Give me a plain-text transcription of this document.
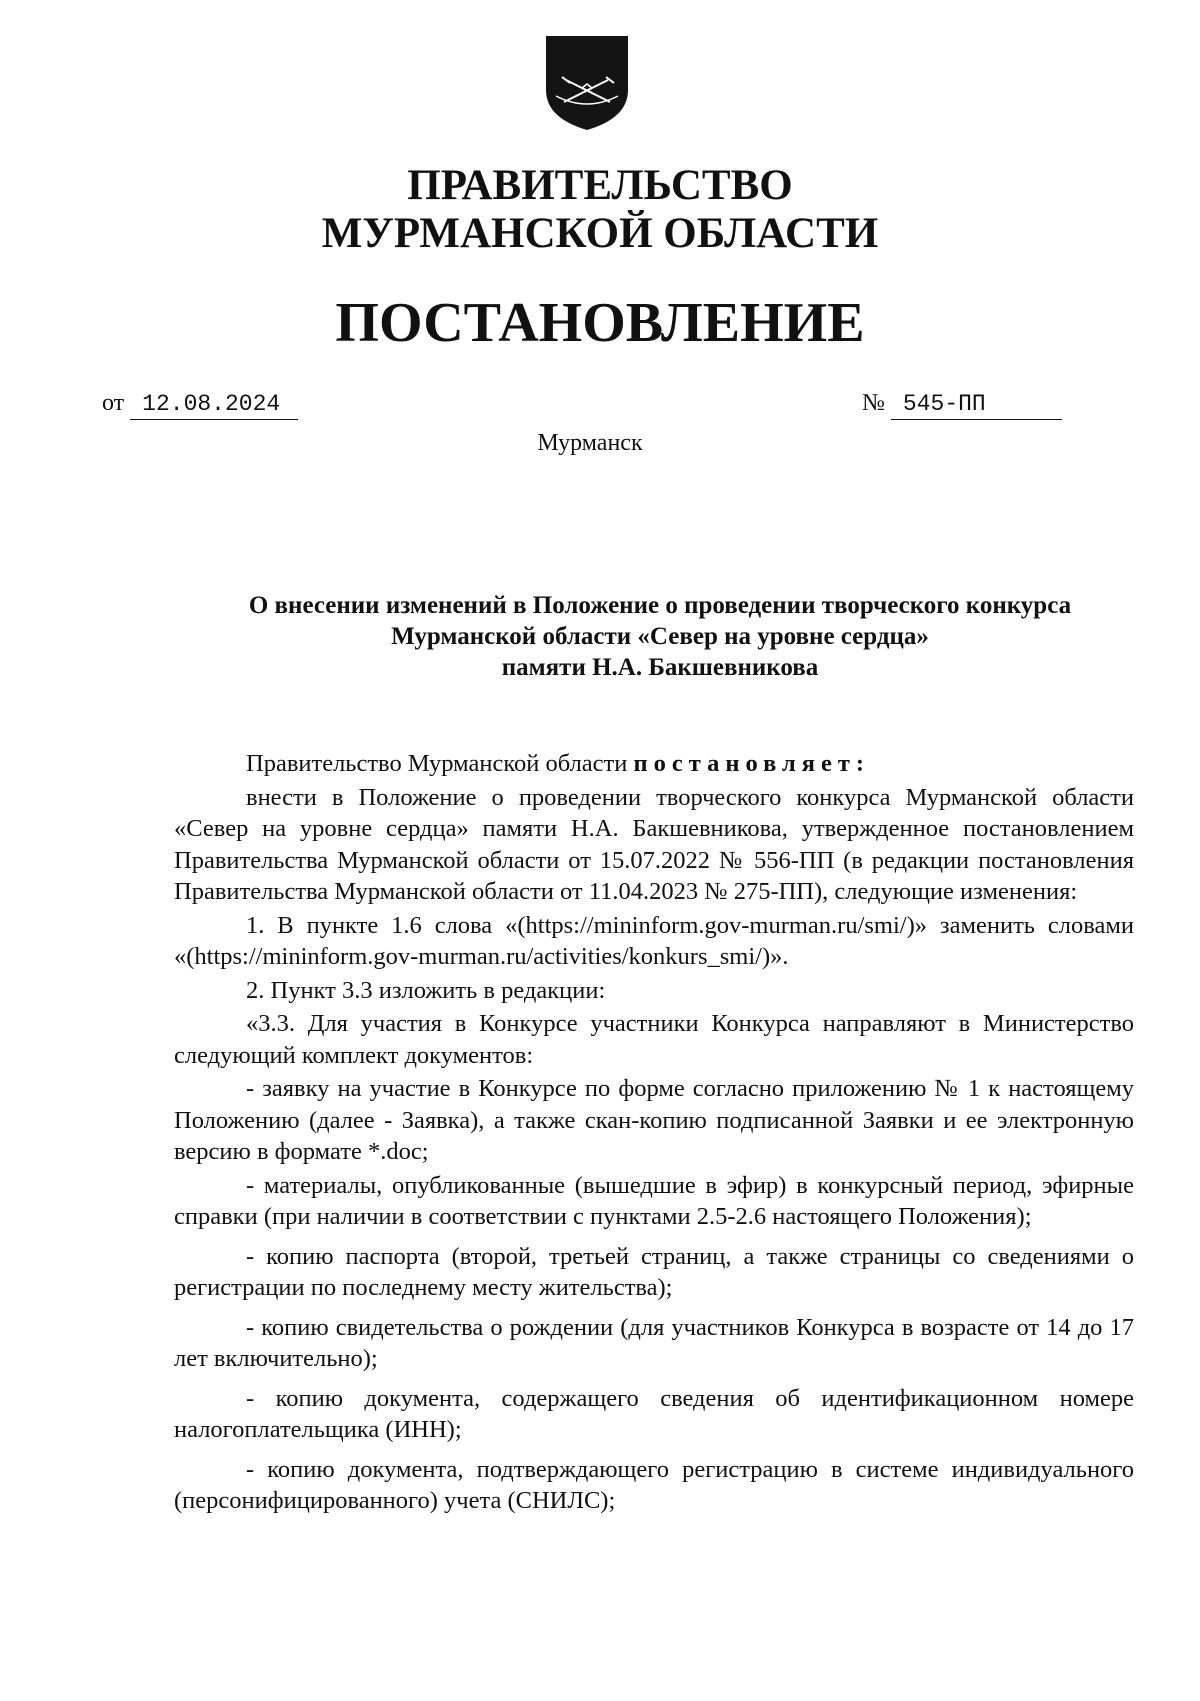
ПРАВИТЕЛЬСТВО
МУРМАНСКОЙ ОБЛАСТИ
ПОСТАНОВЛЕНИЕ
от 12.08.2024	№ 545-ПП
Мурманск
О внесении изменений в Положение о проведении творческого конкурса
Мурманской области «Север на уровне сердца»
памяти Н.А. Бакшевникова

Правительство Мурманской области постановляет:

внести в Положение о проведении творческого конкурса Мурманской области «Север на уровне сердца» памяти Н.А. Бакшевникова, утвержденное постановлением Правительства Мурманской области от 15.07.2022 № 556-ПП (в редакции постановления Правительства Мурманской области от 11.04.2023 № 275-ПП), следующие изменения:

1. В пункте 1.6 слова «(https://mininform.gov-murman.ru/smi/)» заменить словами «(https://mininform.gov-murman.ru/activities/konkurs_smi/)».

2. Пункт 3.3 изложить в редакции:

«3.3. Для участия в Конкурсе участники Конкурса направляют в Министерство следующий комплект документов:

- заявку на участие в Конкурсе по форме согласно приложению № 1 к настоящему Положению (далее - Заявка), а также скан-копию подписанной Заявки и ее электронную версию в формате *.doc;

- материалы, опубликованные (вышедшие в эфир) в конкурсный период, эфирные справки (при наличии в соответствии с пунктами 2.5-2.6 настоящего Положения);

- копию паспорта (второй, третьей страниц, а также страницы со сведениями о регистрации по последнему месту жительства);

- копию свидетельства о рождении (для участников Конкурса в возрасте от 14 до 17 лет включительно);

- копию документа, содержащего сведения об идентификационном номере налогоплательщика (ИНН);

- копию документа, подтверждающего регистрацию в системе индивидуального (персонифицированного) учета (СНИЛС);
